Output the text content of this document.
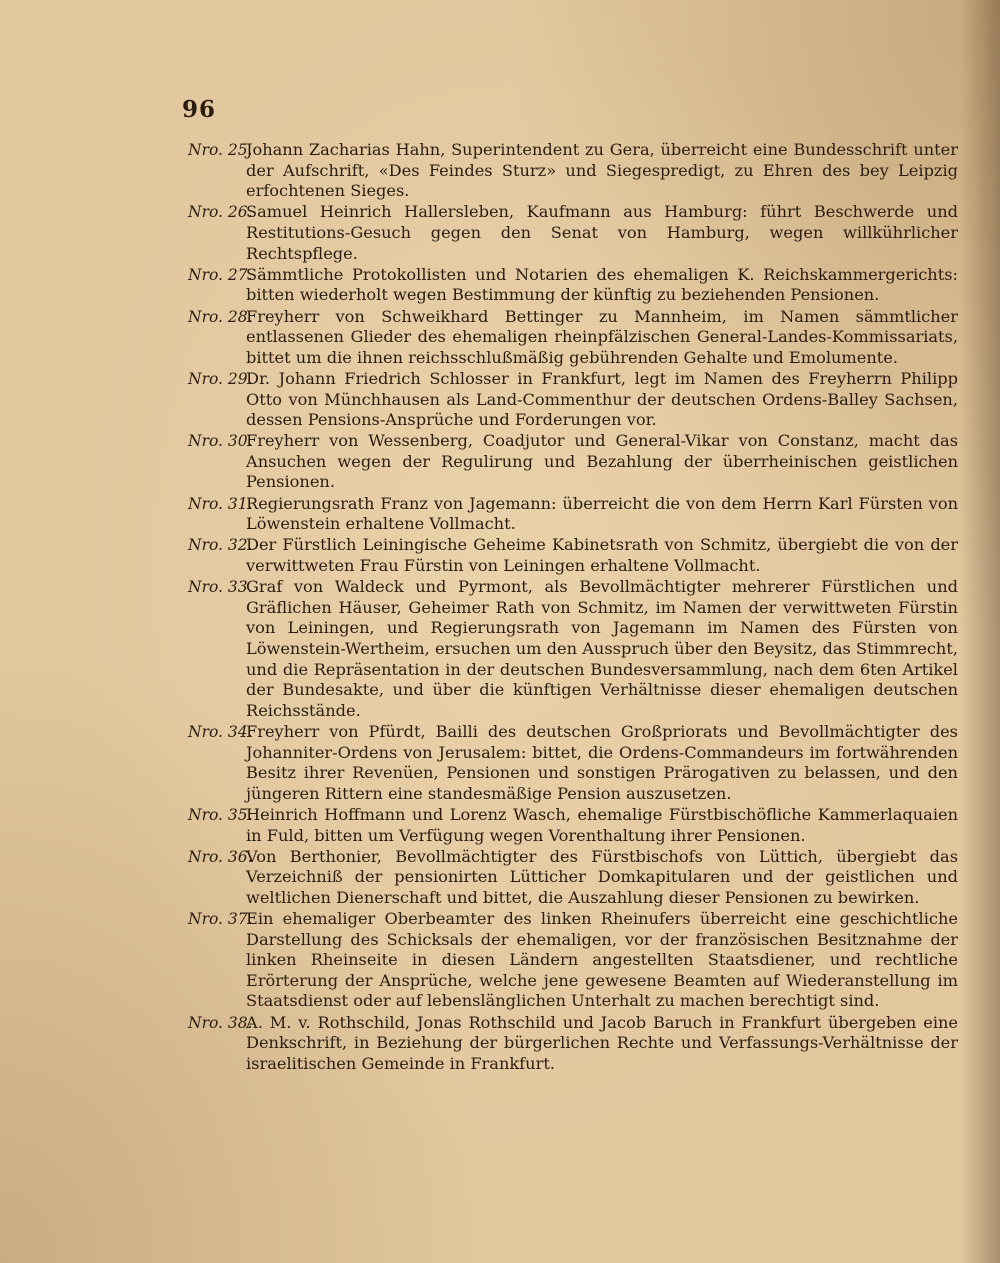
96
Nro. 25.
Johann Zacharias Hahn, Superintendent zu Gera, überreicht eine Bundesschrift unter der Aufschrift, «Des Feindes Sturz» und Siegespredigt, zu Ehren des bey Leipzig erfochtenen Sieges.
Nro. 26.
Samuel Heinrich Hallersleben, Kaufmann aus Hamburg: führt Beschwerde und Restitutions-Gesuch gegen den Senat von Hamburg, wegen willkührlicher Rechtspflege.
Nro. 27.
Sämmtliche Protokollisten und Notarien des ehemaligen K. Reichskammergerichts: bitten wiederholt wegen Bestimmung der künftig zu beziehenden Pensionen.
Nro. 28.
Freyherr von Schweikhard Bettinger zu Mannheim, im Namen sämmtlicher entlassenen Glieder des ehemaligen rheinpfälzischen General-Landes-Kommissariats, bittet um die ihnen reichsschlußmäßig gebührenden Gehalte und Emolumente.
Nro. 29.
Dr. Johann Friedrich Schlosser in Frankfurt, legt im Namen des Freyherrn Philipp Otto von Münchhausen als Land-Commenthur der deutschen Ordens-Balley Sachsen, dessen Pensions-Ansprüche und Forderungen vor.
Nro. 30.
Freyherr von Wessenberg, Coadjutor und General-Vikar von Constanz, macht das Ansuchen wegen der Regulirung und Bezahlung der überrheinischen geistlichen Pensionen.
Nro. 31.
Regierungsrath Franz von Jagemann: überreicht die von dem Herrn Karl Fürsten von Löwenstein erhaltene Vollmacht.
Nro. 32.
Der Fürstlich Leiningische Geheime Kabinetsrath von Schmitz, übergiebt die von der verwittweten Frau Fürstin von Leiningen erhaltene Vollmacht.
Nro. 33.
Graf von Waldeck und Pyrmont, als Bevollmächtigter mehrerer Fürstlichen und Gräflichen Häuser, Geheimer Rath von Schmitz, im Namen der verwittweten Fürstin von Leiningen, und Regierungsrath von Jagemann im Namen des Fürsten von Löwenstein-Wertheim, ersuchen um den Ausspruch über den Beysitz, das Stimmrecht, und die Repräsentation in der deutschen Bundesversammlung, nach dem 6ten Artikel der Bundesakte, und über die künftigen Verhältnisse dieser ehemaligen deutschen Reichsstände.
Nro. 34.
Freyherr von Pfürdt, Bailli des deutschen Großpriorats und Bevollmächtigter des Johanniter-Ordens von Jerusalem: bittet, die Ordens-Commandeurs im fortwährenden Besitz ihrer Revenüen, Pensionen und sonstigen Prärogativen zu belassen, und den jüngeren Rittern eine standesmäßige Pension auszusetzen.
Nro. 35.
Heinrich Hoffmann und Lorenz Wasch, ehemalige Fürstbischöfliche Kammerlaquaien in Fuld, bitten um Verfügung wegen Vorenthaltung ihrer Pensionen.
Nro. 36.
Von Berthonier, Bevollmächtigter des Fürstbischofs von Lüttich, übergiebt das Verzeichniß der pensionirten Lütticher Domkapitularen und der geistlichen und weltlichen Dienerschaft und bittet, die Auszahlung dieser Pensionen zu bewirken.
Nro. 37.
Ein ehemaliger Oberbeamter des linken Rheinufers überreicht eine geschichtliche Darstellung des Schicksals der ehemaligen, vor der französischen Besitznahme der linken Rheinseite in diesen Ländern angestellten Staatsdiener, und rechtliche Erörterung der Ansprüche, welche jene gewesene Beamten auf Wiederanstellung im Staatsdienst oder auf lebenslänglichen Unterhalt zu machen berechtigt sind.
Nro. 38.
A. M. v. Rothschild, Jonas Rothschild und Jacob Baruch in Frankfurt übergeben eine Denkschrift, in Beziehung der bürgerlichen Rechte und Verfassungs-Verhältnisse der israelitischen Gemeinde in Frankfurt.
